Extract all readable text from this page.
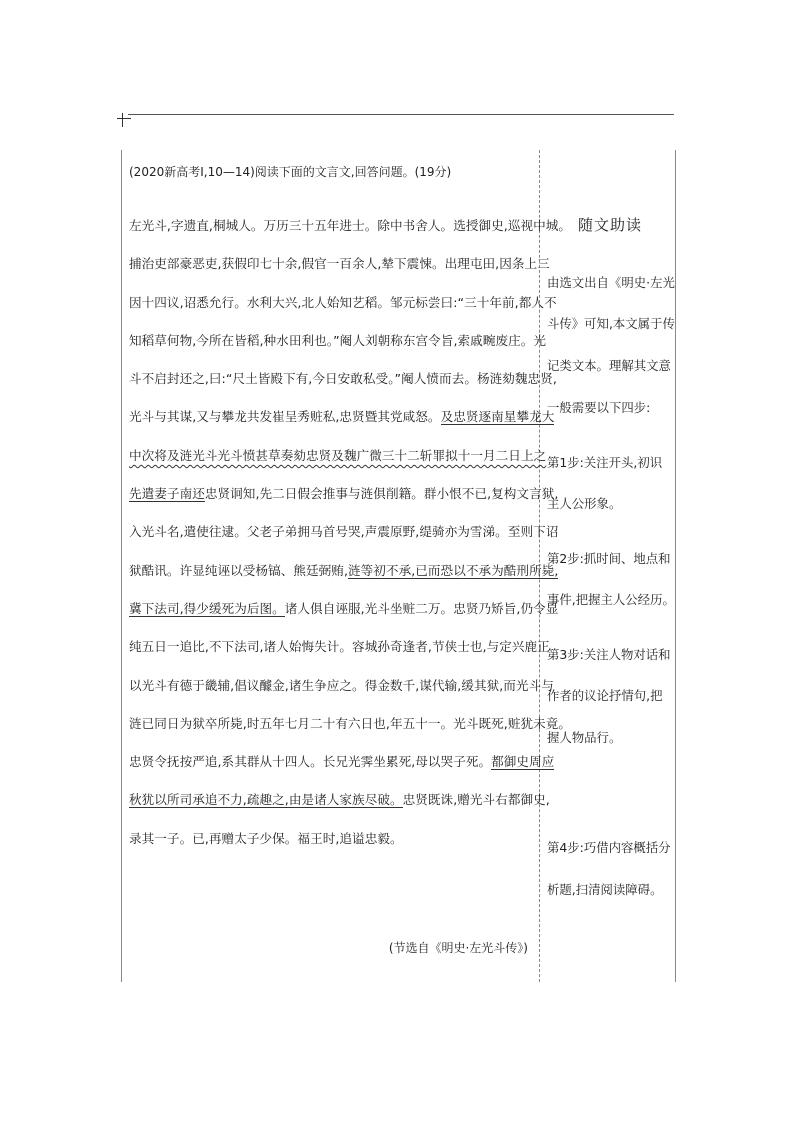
(2020新高考Ⅰ,10—14)阅读下面的文言文,回答问题。(19分)
左光斗,字遗直,桐城人。万历三十五年进士。除中书舍人。选授御史,巡视中城。
捕治吏部豪恶吏,获假印七十余,假官一百余人,辇下震悚。出理屯田,因条上三
因十四议,诏悉允行。水利大兴,北人始知艺稻。邹元标尝曰:“三十年前,都人不
知稻草何物,今所在皆稻,种水田利也。”阉人刘朝称东宫令旨,索戚畹废庄。光
斗不启封还之,曰:“尺土皆殿下有,今日安敢私受。”阉人愤而去。杨涟劾魏忠贤,
光斗与其谋,又与攀龙共发崔呈秀赃私,忠贤暨其党咸怒。及忠贤逐南星攀龙大
中次将及涟光斗光斗愤甚草奏劾忠贤及魏广微三十二斩罪拟十一月二日上之
先遣妻子南还忠贤诇知,先二日假会推事与涟俱削籍。群小恨不已,复构文言狱,
入光斗名,遣使往逮。父老子弟拥马首号哭,声震原野,缇骑亦为雪涕。至则下诏
狱酷讯。许显纯诬以受杨镐、熊廷弼贿,涟等初不承,已而恐以不承为酷刑所毙,
冀下法司,得少缓死为后图。诸人俱自诬服,光斗坐赃二万。忠贤乃矫旨,仍令显
纯五日一追比,不下法司,诸人始悔失计。容城孙奇逢者,节侠士也,与定兴鹿正
以光斗有德于畿辅,倡议醵金,诸生争应之。得金数千,谋代输,缓其狱,而光斗与
涟已同日为狱卒所毙,时五年七月二十有六日也,年五十一。光斗既死,赃犹未竟。
忠贤令抚按严追,系其群从十四人。长兄光霁坐累死,母以哭子死。都御史周应
秋犹以所司承追不力,疏趣之,由是诸人家族尽破。忠贤既诛,赠光斗右都御史,
录其一子。已,再赠太子少保。福王时,追谥忠毅。
(节选自《明史·左光斗传》)
随文助读
由选文出自《明史·左光
斗传》可知,本文属于传
记类文本。理解其文意
一般需要以下四步:
第1步:关注开头,初识
主人公形象。
第2步:抓时间、地点和
事件,把握主人公经历。
第3步:关注人物对话和
作者的议论抒情句,把
握人物品行。
第4步:巧借内容概括分
析题,扫清阅读障碍。
